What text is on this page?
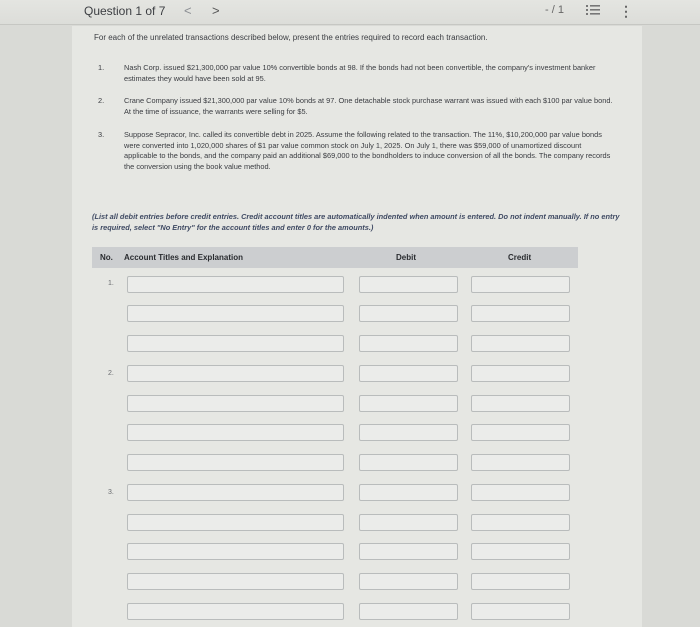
Question 1 of 7 < >	- / 1	⋮
For each of the unrelated transactions described below, present the entries required to record each transaction.
1.	Nash Corp. issued $21,300,000 par value 10% convertible bonds at 98. If the bonds had not been convertible, the company's investment banker estimates they would have been sold at 95.
2.	Crane Company issued $21,300,000 par value 10% bonds at 97. One detachable stock purchase warrant was issued with each $100 par value bond. At the time of issuance, the warrants were selling for $5.
3.	Suppose Sepracor, Inc. called its convertible debt in 2025. Assume the following related to the transaction. The 11%, $10,200,000 par value bonds were converted into 1,020,000 shares of $1 par value common stock on July 1, 2025. On July 1, there was $59,000 of unamortized discount applicable to the bonds, and the company paid an additional $69,000 to the bondholders to induce conversion of all the bonds. The company records the conversion using the book value method.
(List all debit entries before credit entries. Credit account titles are automatically indented when amount is entered. Do not indent manually. If no entry is required, select "No Entry" for the account titles and enter 0 for the amounts.)
No. Account Titles and Explanation	Debit	Credit
1.
2.
3.
